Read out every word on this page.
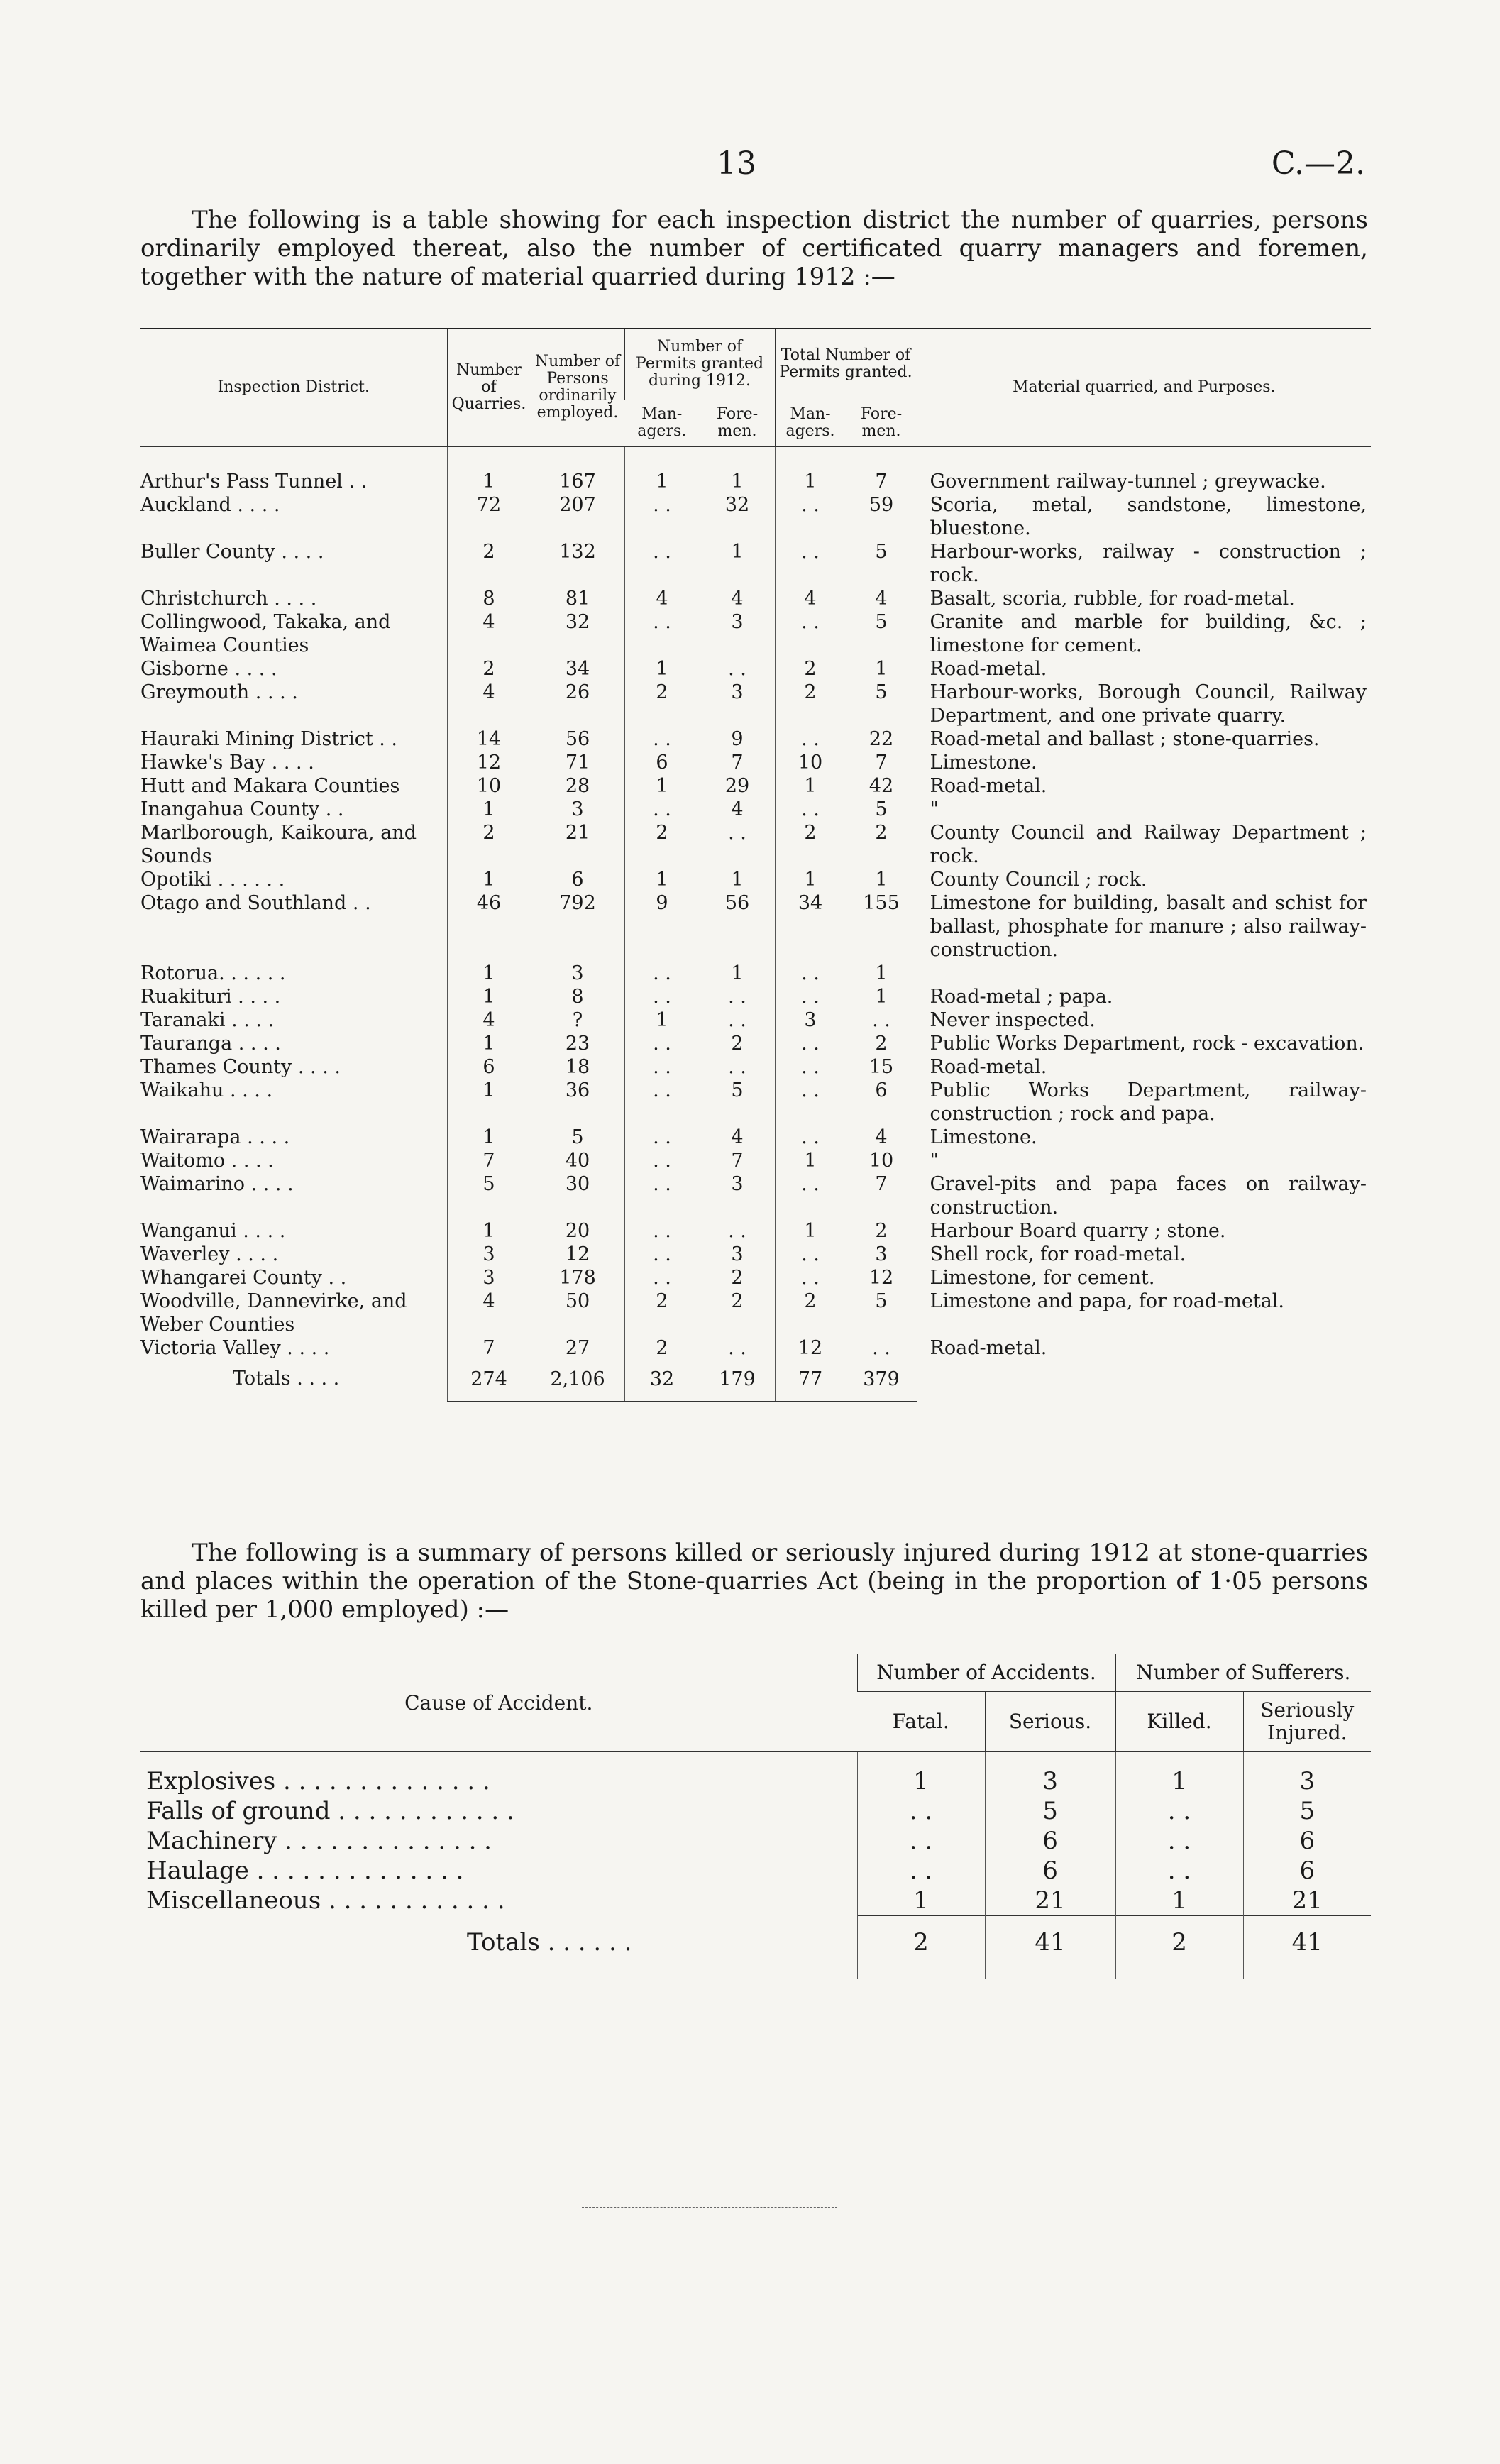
13	C.—2.

The following is a table showing for each inspection district the number of quarries, persons ordinarily employed thereat, also the number of certificated quarry managers and foremen, together with the nature of material quarried during 1912 :—

Inspection District.	Number of Quarries.	Number of Persons ordinarily employed.	Number of Permits granted during 1912.		Total Number of Permits granted.		Material quarried, and Purposes.
			Man-agers.	Fore-men.	Man-agers.	Fore-men.	
Arthur's Pass Tunnel . .	1	167	1	1	1	7	Government railway-tunnel ; greywacke.
Auckland . . . .	72	207	. .	32	. .	59	Scoria, metal, sandstone, limestone, bluestone.
Buller County . . . .	2	132	. .	1	. .	5	Harbour-works, railway - construction ; rock.
Christchurch . . . .	8	81	4	4	4	4	Basalt, scoria, rubble, for road-metal.
Collingwood, Takaka, and Waimea Counties	4	32	. .	3	. .	5	Granite and marble for building, &c. ; limestone for cement.
Gisborne . . . .	2	34	1	. .	2	1	Road-metal.
Greymouth . . . .	4	26	2	3	2	5	Harbour-works, Borough Council, Railway Department, and one private quarry.
Hauraki Mining District . .	14	56	. .	9	. .	22	Road-metal and ballast ; stone-quarries.
Hawke's Bay . . . .	12	71	6	7	10	7	Limestone.
Hutt and Makara Counties	10	28	1	29	1	42	Road-metal.
Inangahua County . .	1	3	. .	4	. .	5	"
Marlborough, Kaikoura, and Sounds	2	21	2	. .	2	2	County Council and Railway Department ; rock.
Opotiki . . . . . .	1	6	1	1	1	1	County Council ; rock.
Otago and Southland . .	46	792	9	56	34	155	Limestone for building, basalt and schist for ballast, phosphate for manure ; also railway-construction.
Rotorua. . . . . .	1	3	. .	1	. .	1	
Ruakituri . . . .	1	8	. .	. .	. .	1	Road-metal ; papa.
Taranaki . . . .	4	?	1	. .	3	. .	Never inspected.
Tauranga . . . .	1	23	. .	2	. .	2	Public Works Department, rock - excavation.
Thames County . . . .	6	18	. .	. .	. .	15	Road-metal.
Waikahu . . . .	1	36	. .	5	. .	6	Public Works Department, railway-construction ; rock and papa.
Wairarapa . . . .	1	5	. .	4	. .	4	Limestone.
Waitomo . . . .	7	40	. .	7	1	10	"
Waimarino . . . .	5	30	. .	3	. .	7	Gravel-pits and papa faces on railway-construction.
Wanganui . . . .	1	20	. .	. .	1	2	Harbour Board quarry ; stone.
Waverley . . . .	3	12	. .	3	. .	3	Shell rock, for road-metal.
Whangarei County . .	3	178	. .	2	. .	12	Limestone, for cement.
Woodville, Dannevirke, and Weber Counties	4	50	2	2	2	5	Limestone and papa, for road-metal.
Victoria Valley . . . .	7	27	2	. .	12	. .	Road-metal.
Totals . . . .	274	2,106	32	179	77	379	

The following is a summary of persons killed or seriously injured during 1912 at stone-quarries and places within the operation of the Stone-quarries Act (being in the proportion of 1·05 persons killed per 1,000 employed) :—

Cause of Accident.	Number of Accidents.		Number of Sufferers.	
	Fatal.	Serious.	Killed.	Seriously Injured.
Explosives . . . . . . . . . . . . . .	1	3	1	3
Falls of ground . . . . . . . . . . . .	. .	5	. .	5
Machinery . . . . . . . . . . . . . .	. .	6	. .	6
Haulage . . . . . . . . . . . . . .	. .	6	. .	6
Miscellaneous . . . . . . . . . . . .	1	21	1	21
Totals . . . . . .	2	41	2	41
